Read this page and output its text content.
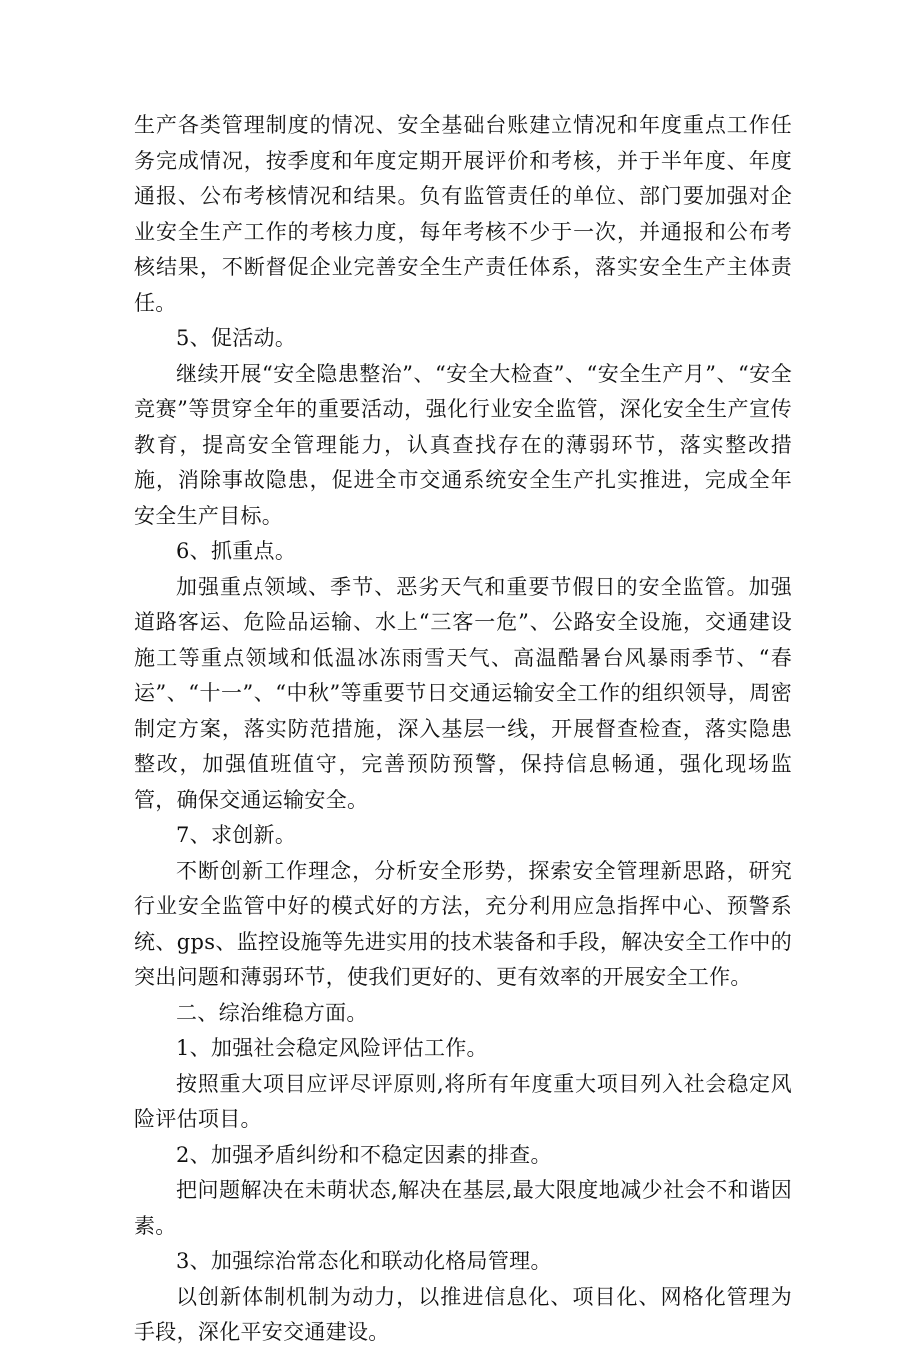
生产各类管理制度的情况、安全基础台账建立情况和年度重点工作任务完成情况，按季度和年度定期开展评价和考核，并于半年度、年度通报、公布考核情况和结果。负有监管责任的单位、部门要加强对企业安全生产工作的考核力度，每年考核不少于一次，并通报和公布考核结果，不断督促企业完善安全生产责任体系，落实安全生产主体责任。

5、促活动。

继续开展“安全隐患整治”、“安全大检查”、“安全生产月”、“安全竞赛”等贯穿全年的重要活动，强化行业安全监管，深化安全生产宣传教育，提高安全管理能力，认真查找存在的薄弱环节，落实整改措施，消除事故隐患，促进全市交通系统安全生产扎实推进，完成全年安全生产目标。

6、抓重点。

加强重点领域、季节、恶劣天气和重要节假日的安全监管。加强道路客运、危险品运输、水上“三客一危”、公路安全设施，交通建设施工等重点领域和低温冰冻雨雪天气、高温酷暑台风暴雨季节、“春运”、“十一”、“中秋”等重要节日交通运输安全工作的组织领导，周密制定方案，落实防范措施，深入基层一线，开展督查检查，落实隐患整改，加强值班值守，完善预防预警，保持信息畅通，强化现场监管，确保交通运输安全。

7、求创新。

不断创新工作理念，分析安全形势，探索安全管理新思路，研究行业安全监管中好的模式好的方法，充分利用应急指挥中心、预警系统、gps、监控设施等先进实用的技术装备和手段，解决安全工作中的突出问题和薄弱环节，使我们更好的、更有效率的开展安全工作。

二、综治维稳方面。

1、加强社会稳定风险评估工作。

按照重大项目应评尽评原则,将所有年度重大项目列入社会稳定风险评估项目。

2、加强矛盾纠纷和不稳定因素的排查。

把问题解决在未萌状态,解决在基层,最大限度地减少社会不和谐因素。

3、加强综治常态化和联动化格局管理。

以创新体制机制为动力，以推进信息化、项目化、网格化管理为手段，深化平安交通建设。
